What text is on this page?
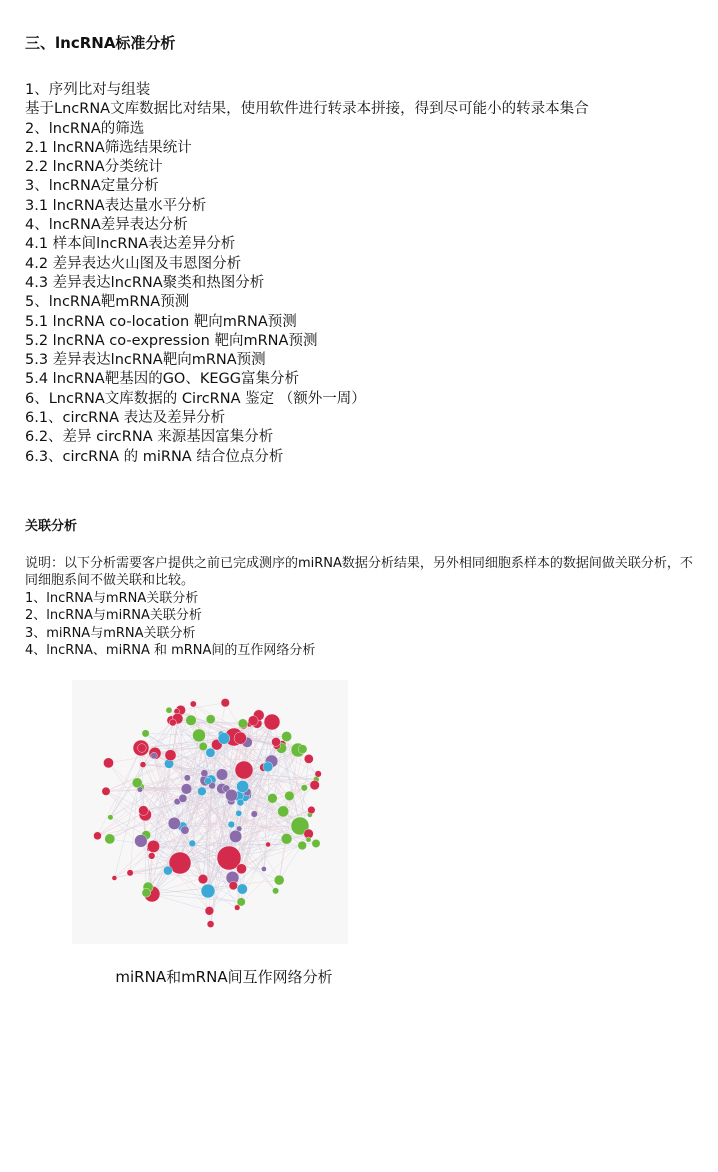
三、lncRNA标准分析
1、序列比对与组装
基于LncRNA文库数据比对结果，使用软件进行转录本拼接，得到尽可能小的转录本集合
2、lncRNA的筛选
2.1 lncRNA筛选结果统计
2.2 lncRNA分类统计
3、lncRNA定量分析
3.1 lncRNA表达量水平分析
4、lncRNA差异表达分析
4.1 样本间lncRNA表达差异分析
4.2 差异表达火山图及韦恩图分析
4.3 差异表达lncRNA聚类和热图分析
5、lncRNA靶mRNA预测
5.1 lncRNA co-location 靶向mRNA预测
5.2 lncRNA co-expression 靶向mRNA预测
5.3 差异表达lncRNA靶向mRNA预测
5.4 lncRNA靶基因的GO、KEGG富集分析
6、LncRNA文库数据的 CircRNA 鉴定 （额外一周）
6.1、circRNA 表达及差异分析
6.2、差异 circRNA 来源基因富集分析
6.3、circRNA 的 miRNA 结合位点分析
关联分析

说明：以下分析需要客户提供之前已完成测序的miRNA数据分析结果，另外相同细胞系样本的数据间做关联分析，不同细胞系间不做关联和比较。

1、lncRNA与mRNA关联分析
2、lncRNA与miRNA关联分析
3、miRNA与mRNA关联分析
4、lncRNA、miRNA 和 mRNA间的互作网络分析
miRNA和mRNA间互作网络分析
